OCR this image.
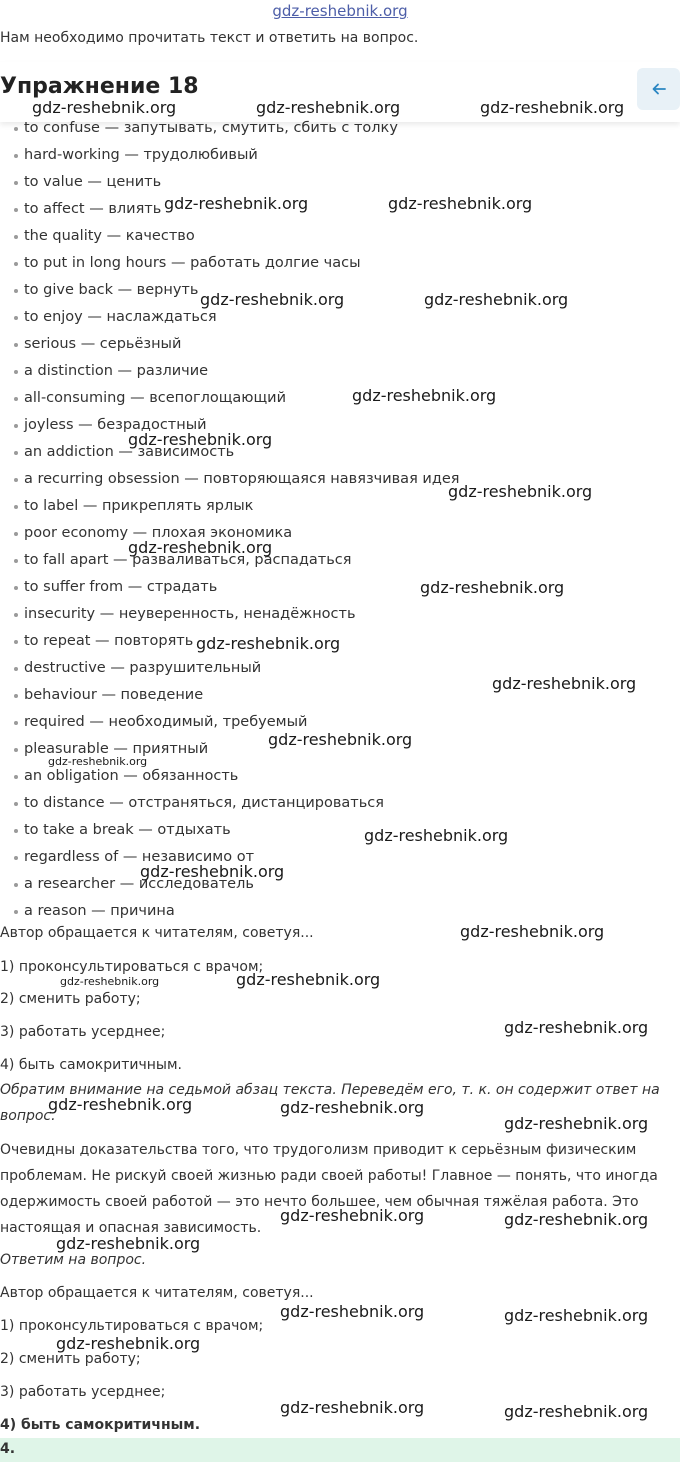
gdz-reshebnik.org
Нам необходимо прочитать текст и ответить на вопрос.
Упражнение 18
to confuse — запутывать, смутить, сбить с толку
hard-working — трудолюбивый
to value — ценить
to affect — влиять
the quality — качество
to put in long hours — работать долгие часы
to give back — вернуть
to enjoy — наслаждаться
serious — серьёзный
a distinction — различие
all-consuming — всепоглощающий
joyless — безрадостный
an addiction — зависимость
a recurring obsession — повторяющаяся навязчивая идея
to label — прикреплять ярлык
poor economy — плохая экономика
to fall apart — разваливаться, распадаться
to suffer from — страдать
insecurity — неуверенность, ненадёжность
to repeat — повторять
destructive — разрушительный
behaviour — поведение
required — необходимый, требуемый
pleasurable — приятный
an obligation — обязанность
to distance — отстраняться, дистанцироваться
to take a break — отдыхать
regardless of — независимо от
a researcher — исследователь
a reason — причина
Автор обращается к читателям, советуя...
1) проконсультироваться с врачом;
2) сменить работу;
3) работать усерднее;
4) быть самокритичным.
Обратим внимание на седьмой абзац текста. Переведём его, т. к. он содержит ответ на
вопрос.
Очевидны доказательства того, что трудоголизм приводит к серьёзным физическим проблемам. Не рискуй своей жизнью ради своей работы! Главное — понять, что иногда одержимость своей работой — это нечто большее, чем обычная тяжёлая работа. Это настоящая и опасная зависимость.
Ответим на вопрос.
Автор обращается к читателям, советуя...
1) проконсультироваться с врачом;
2) сменить работу;
3) работать усерднее;
4) быть самокритичным.
4.
gdz-reshebnik.org	gdz-reshebnik.org	gdz-reshebnik.org
gdz-reshebnik.org	gdz-reshebnik.org
gdz-reshebnik.org	gdz-reshebnik.org
gdz-reshebnik.org
gdz-reshebnik.org
gdz-reshebnik.org
gdz-reshebnik.org
gdz-reshebnik.org
gdz-reshebnik.org
gdz-reshebnik.org
gdz-reshebnik.org
gdz-reshebnik.org
gdz-reshebnik.org
gdz-reshebnik.org
gdz-reshebnik.org
gdz-reshebnik.org	gdz-reshebnik.org
gdz-reshebnik.org
gdz-reshebnik.org	gdz-reshebnik.org
gdz-reshebnik.org
gdz-reshebnik.org	gdz-reshebnik.org
gdz-reshebnik.org
gdz-reshebnik.org	gdz-reshebnik.org
gdz-reshebnik.org
gdz-reshebnik.org	gdz-reshebnik.org
